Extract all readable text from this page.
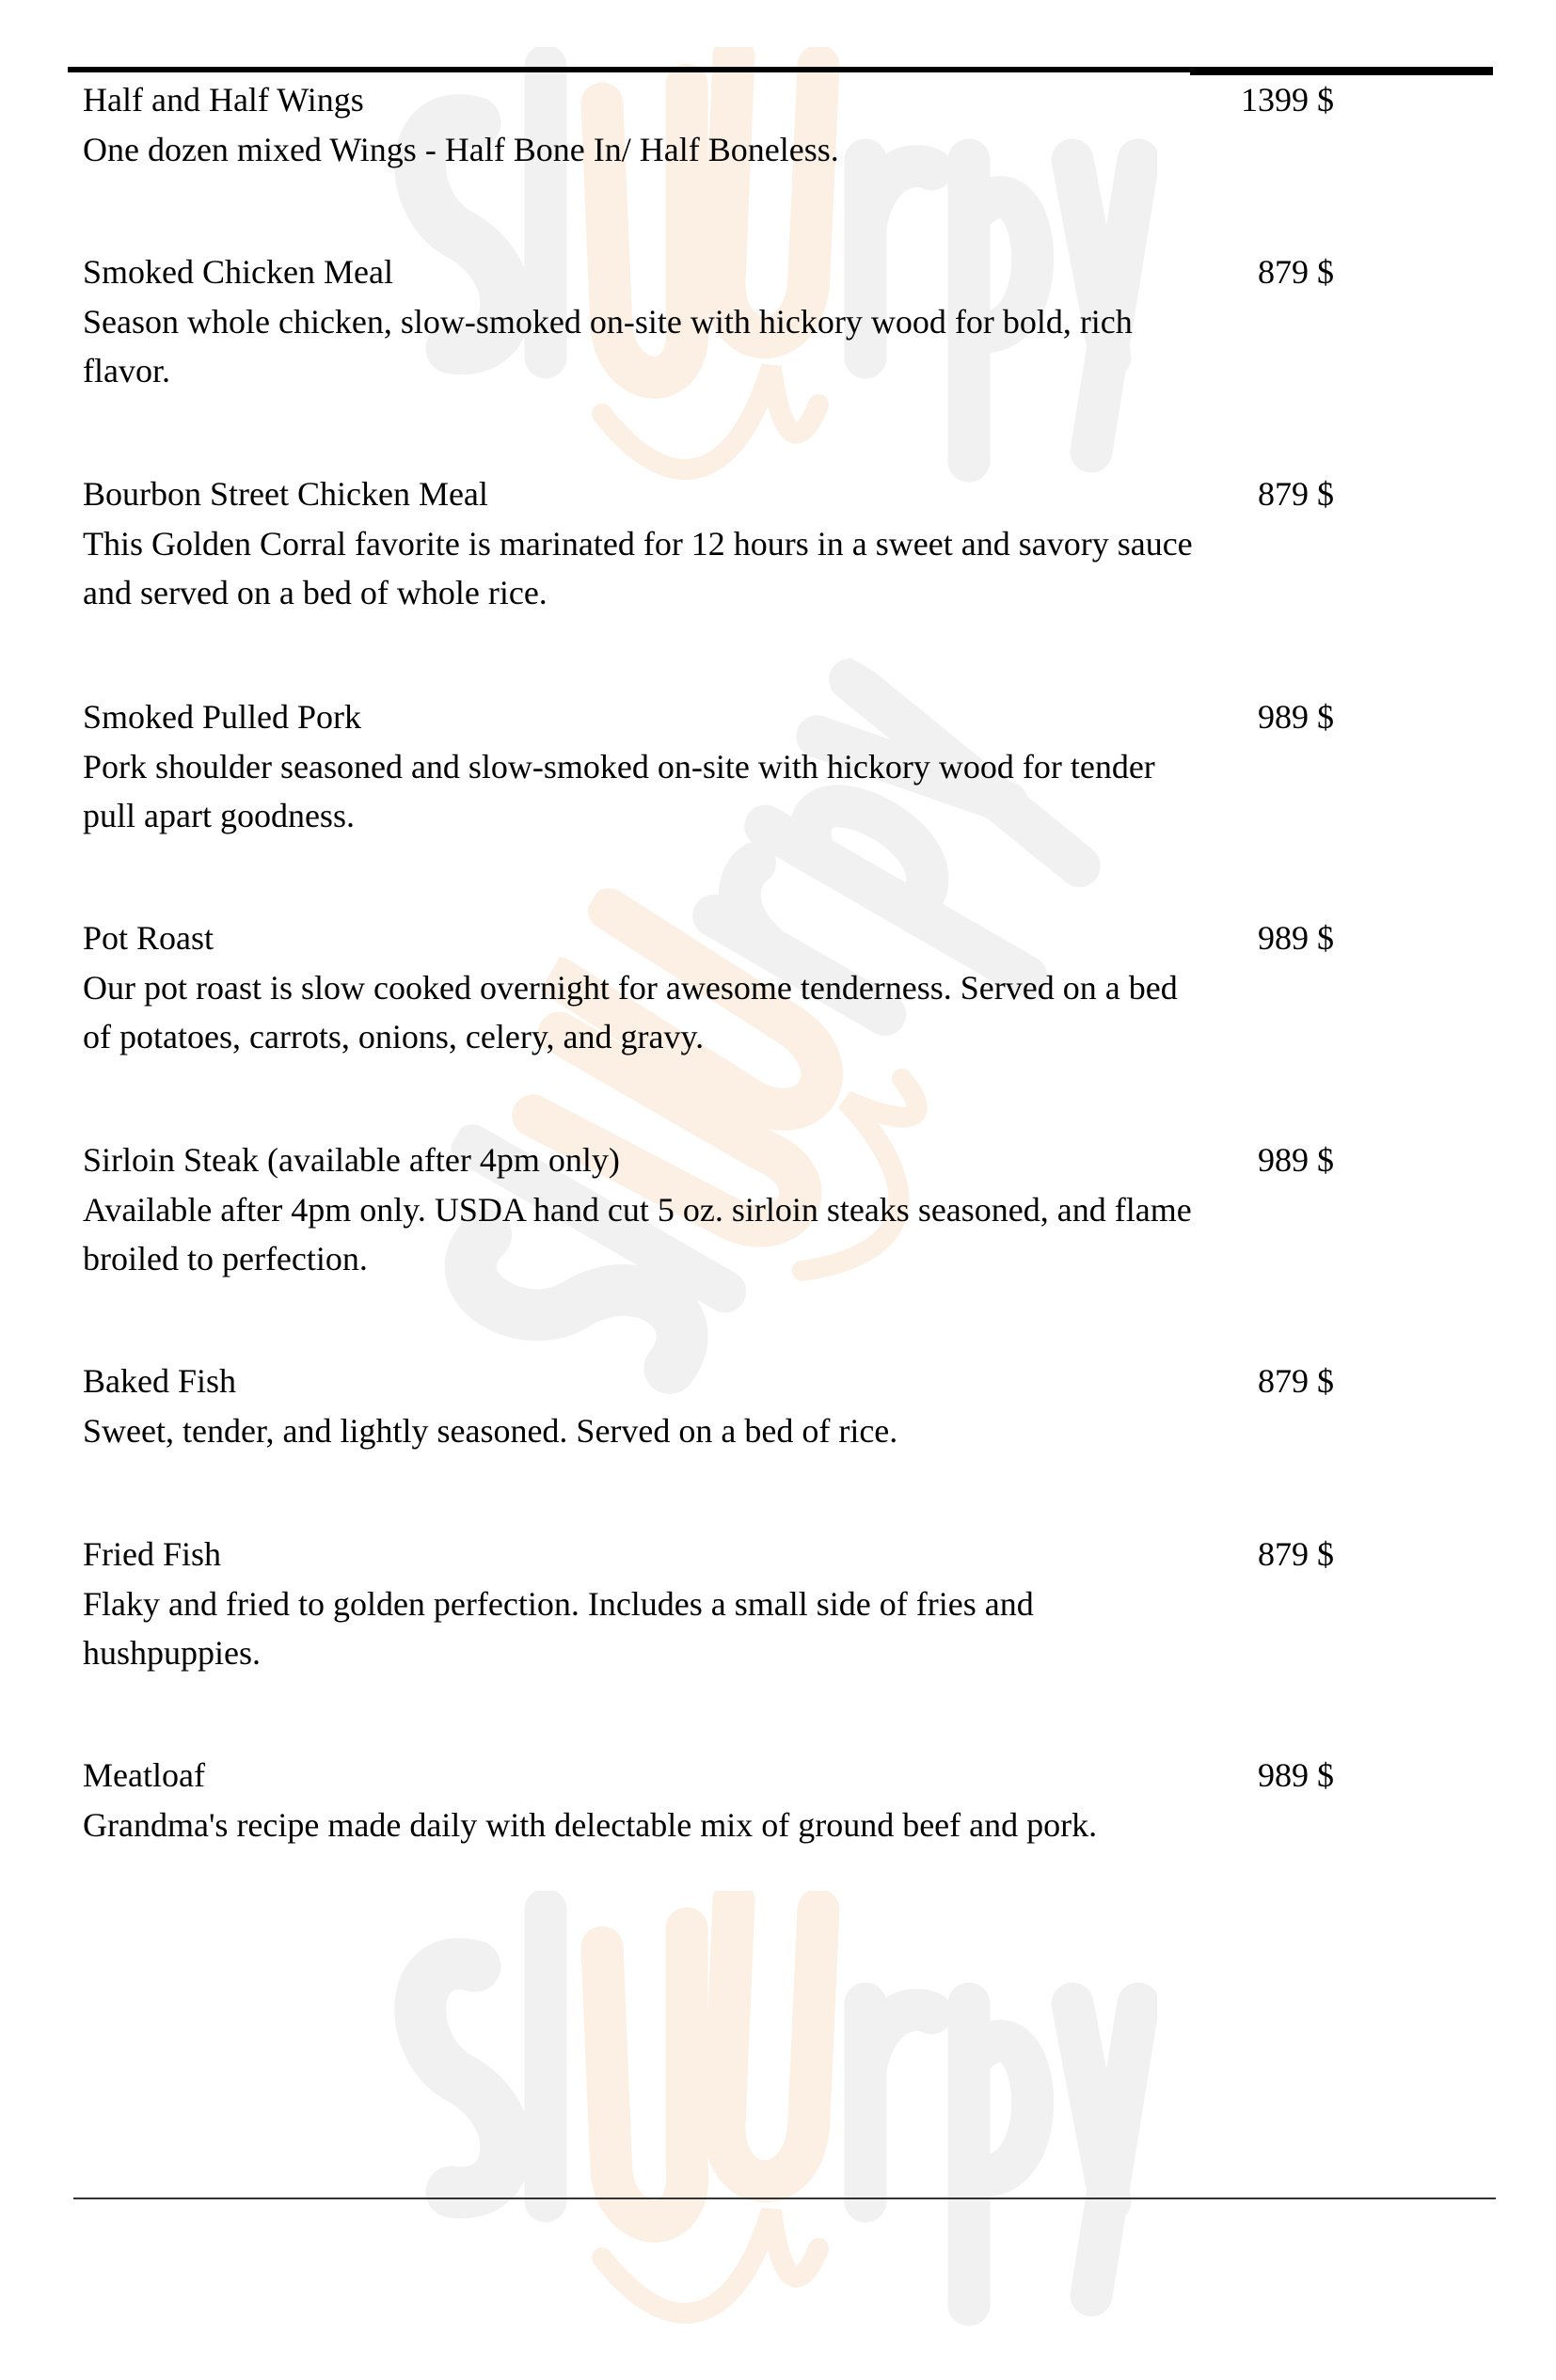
Half and Half Wings
One dozen mixed Wings - Half Bone In/ Half Boneless.
1399 $
Smoked Chicken Meal
Season whole chicken, slow-smoked on-site with hickory wood for bold, rich flavor.
879 $
Bourbon Street Chicken Meal
This Golden Corral favorite is marinated for 12 hours in a sweet and savory sauce and served on a bed of whole rice.
879 $
Smoked Pulled Pork
Pork shoulder seasoned and slow-smoked on-site with hickory wood for tender pull apart goodness.
989 $
Pot Roast
Our pot roast is slow cooked overnight for awesome tenderness. Served on a bed of potatoes, carrots, onions, celery, and gravy.
989 $
Sirloin Steak (available after 4pm only)
Available after 4pm only. USDA hand cut 5 oz. sirloin steaks seasoned, and flame broiled to perfection.
989 $
Baked Fish
Sweet, tender, and lightly seasoned. Served on a bed of rice.
879 $
Fried Fish
Flaky and fried to golden perfection. Includes a small side of fries and hushpuppies.
879 $
Meatloaf
Grandma's recipe made daily with delectable mix of ground beef and pork.
989 $
